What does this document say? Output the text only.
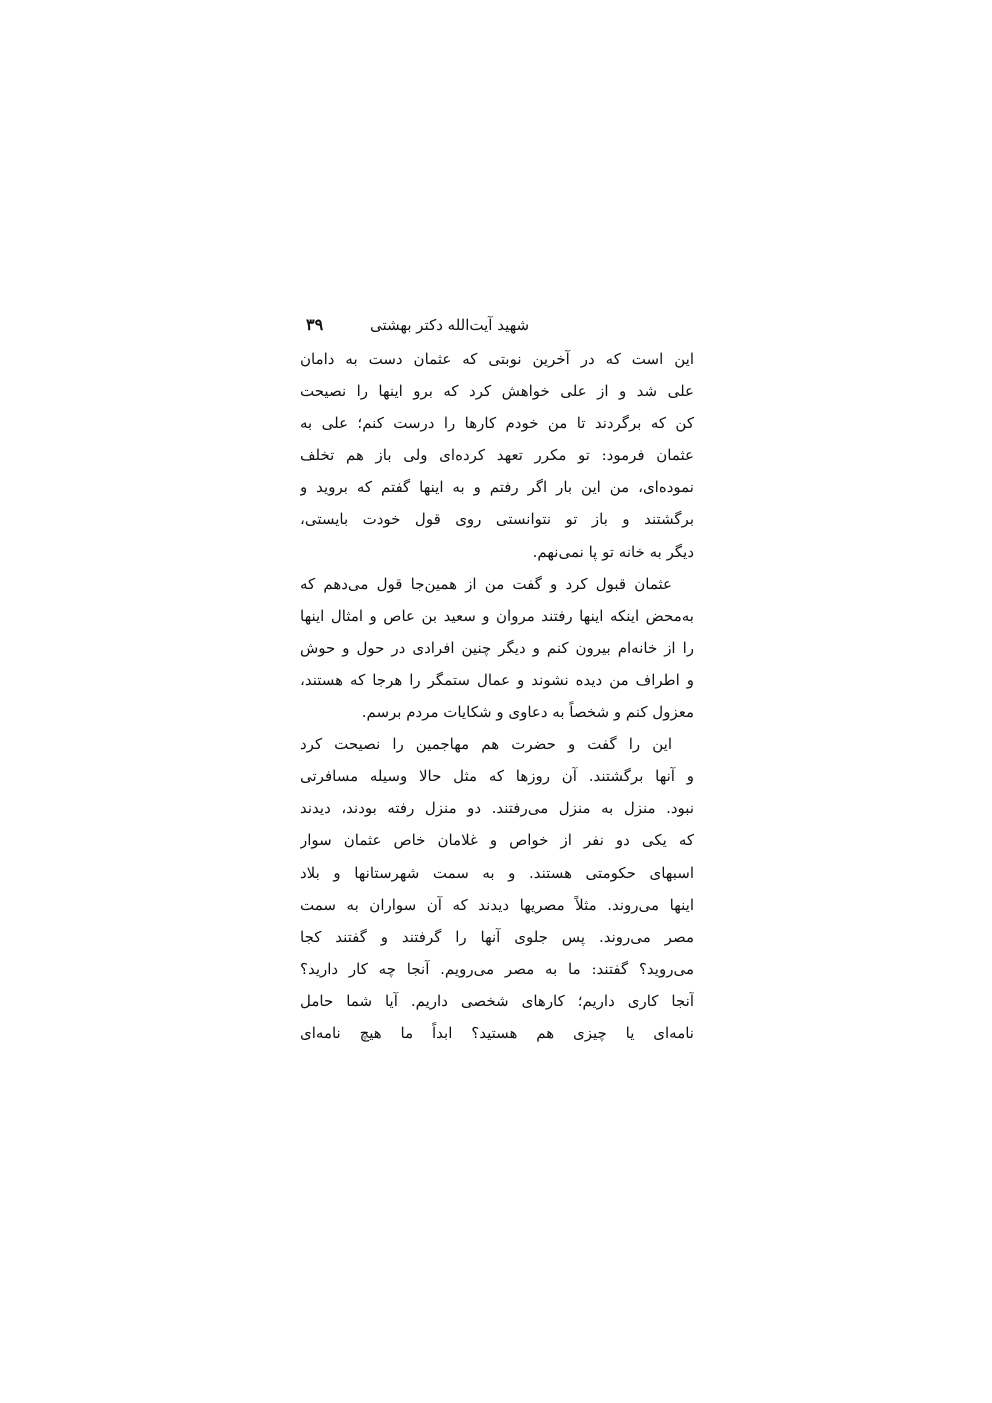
شهید آیت‌الله دکتر بهشتی
۳۹
این است که در آخرین نوبتی که عثمان دست به دامان
علی شد و از علی خواهش کرد که برو اینها را نصیحت
کن که برگردند تا من خودم کارها را درست کنم؛ علی به
عثمان فرمود: تو مکرر تعهد کرده‌ای ولی باز هم تخلف
نموده‌ای، من این بار اگر رفتم و به اینها گفتم که بروید و
برگشتند و باز تو نتوانستی روی قول خودت بایستی،
دیگر به خانه تو پا نمی‌نهم.
عثمان قبول کرد و گفت من از همین‌جا قول می‌دهم که
به‌محض اینکه اینها رفتند مروان و سعید بن عاص و امثال اینها
را از خانه‌ام بیرون کنم و دیگر چنین افرادی در حول و حوش
و اطراف من دیده نشوند و عمال ستمگر را هرجا که هستند،
معزول کنم و شخصاً به دعاوی و شکایات مردم برسم.
این را گفت و حضرت هم مهاجمین را نصیحت کرد
و آنها برگشتند. آن روزها که مثل حالا وسیله مسافرتی
نبود. منزل به منزل می‌رفتند. دو منزل رفته بودند، دیدند
که یکی دو نفر از خواص و غلامان خاص عثمان سوار
اسبهای حکومتی هستند. و به سمت شهرستانها و بلاد
اینها می‌روند. مثلاً مصریها دیدند که آن سواران به سمت
مصر می‌روند. پس جلوی آنها را گرفتند و گفتند کجا
می‌روید؟ گفتند: ما به مصر می‌رویم. آنجا چه کار دارید؟
آنجا کاری داریم؛ کارهای شخصی داریم. آیا شما حامل
نامه‌ای یا چیزی هم هستید؟ ابداً ما هیچ نامه‌ای
